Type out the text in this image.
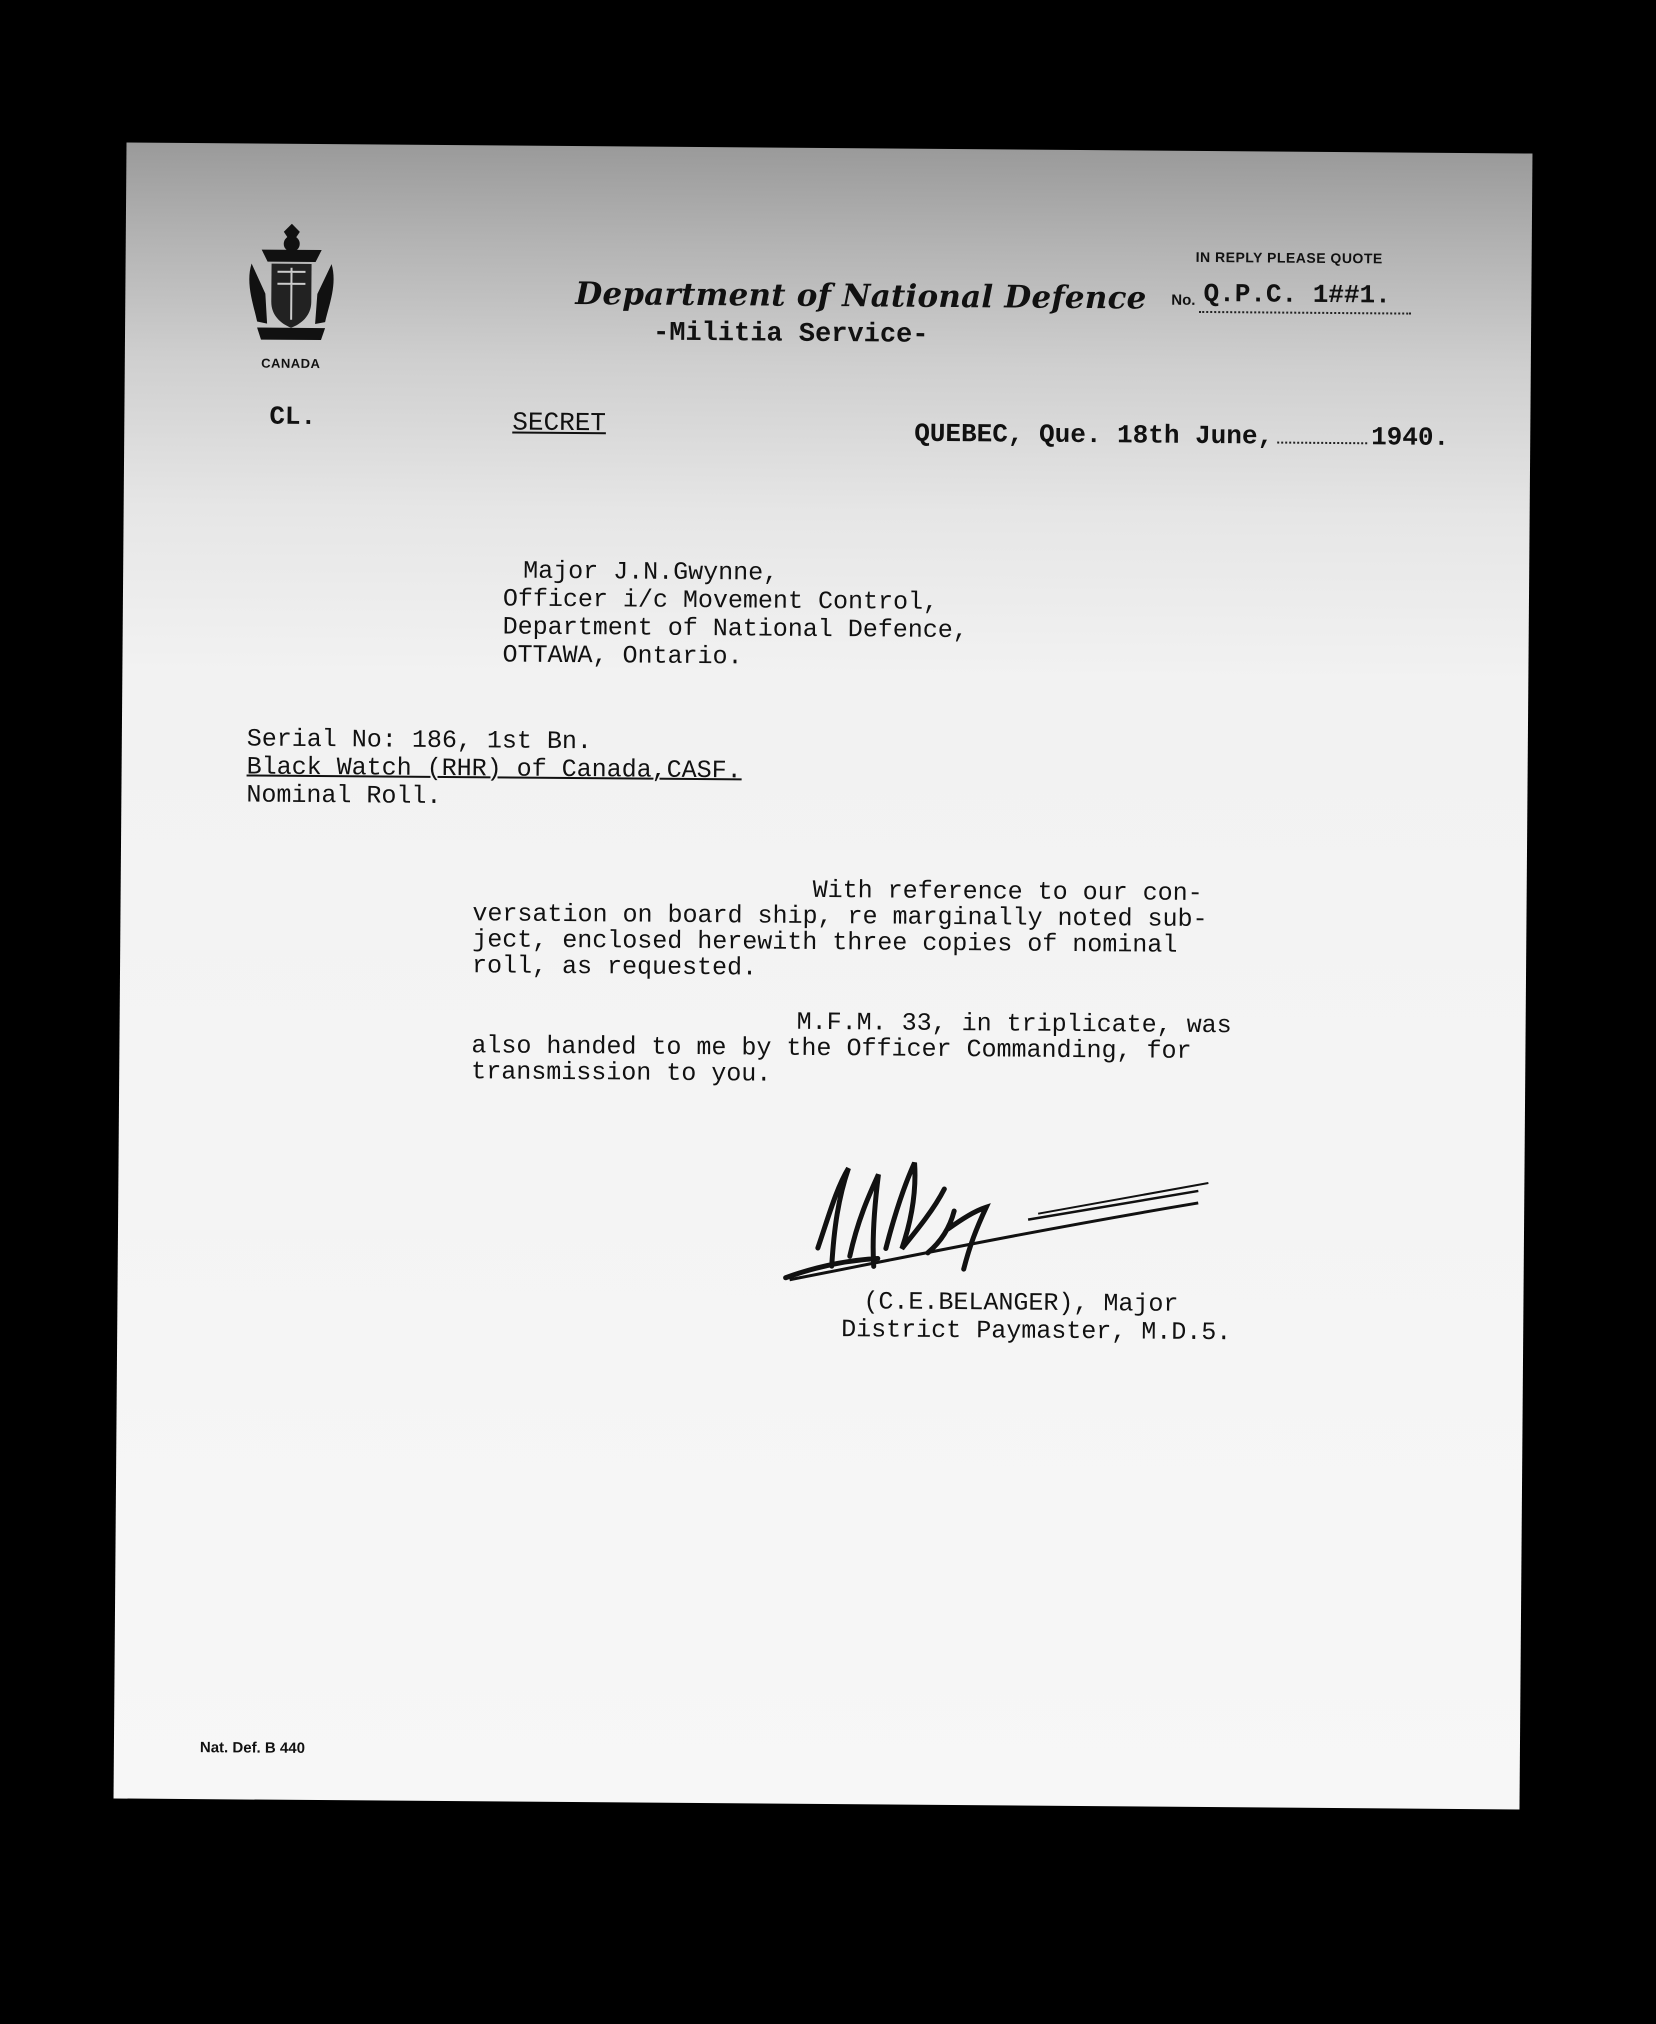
CANADA
Department of National Defence
-Militia Service-
IN REPLY PLEASE QUOTE
No. Q.P.C. 1##1.
CL.	SECRET	QUEBEC, Que. 18th June,	1940.
Major J.N.Gwynne,
Officer i/c Movement Control,
Department of National Defence,
OTTAWA, Ontario.
Serial No: 186, 1st Bn.
Black Watch (RHR) of Canada,CASF.
Nominal Roll.

With reference to our con-
versation on board ship, re marginally noted sub-
ject, enclosed herewith three copies of nominal
roll, as requested.

M.F.M. 33, in triplicate, was
also handed to me by the Officer Commanding, for
transmission to you.

(C.E.BELANGER), Major
District Paymaster, M.D.5.
Nat. Def. B 440
